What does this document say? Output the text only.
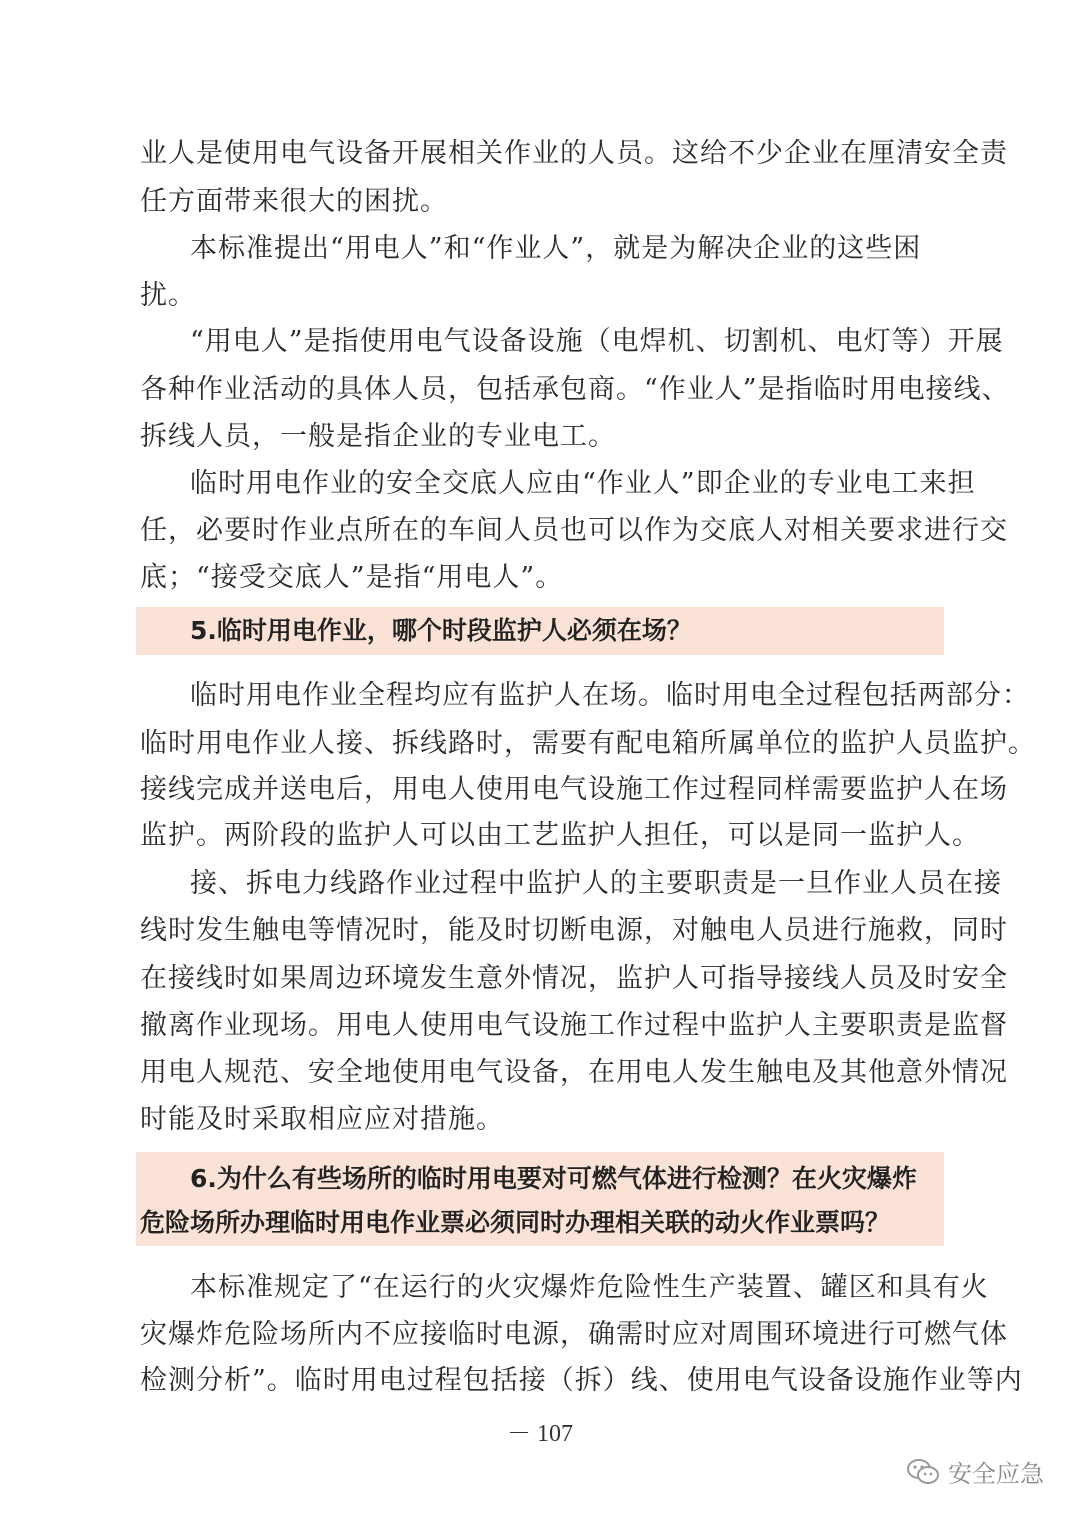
业人是使用电气设备开展相关作业的人员。这给不少企业在厘清安全责
任方面带来很大的困扰。
本标准提出“用电人”和“作业人”，就是为解决企业的这些困
扰。
“用电人”是指使用电气设备设施（电焊机、切割机、电灯等）开展
各种作业活动的具体人员，包括承包商。“作业人”是指临时用电接线、
拆线人员，一般是指企业的专业电工。
临时用电作业的安全交底人应由“作业人”即企业的专业电工来担
任，必要时作业点所在的车间人员也可以作为交底人对相关要求进行交
底；“接受交底人”是指“用电人”。
5.临时用电作业，哪个时段监护人必须在场？
临时用电作业全程均应有监护人在场。临时用电全过程包括两部分：
临时用电作业人接、拆线路时，需要有配电箱所属单位的监护人员监护。
接线完成并送电后，用电人使用电气设施工作过程同样需要监护人在场
监护。两阶段的监护人可以由工艺监护人担任，可以是同一监护人。
接、拆电力线路作业过程中监护人的主要职责是一旦作业人员在接
线时发生触电等情况时，能及时切断电源，对触电人员进行施救，同时
在接线时如果周边环境发生意外情况，监护人可指导接线人员及时安全
撤离作业现场。用电人使用电气设施工作过程中监护人主要职责是监督
用电人规范、安全地使用电气设备，在用电人发生触电及其他意外情况
时能及时采取相应应对措施。
6.为什么有些场所的临时用电要对可燃气体进行检测？在火灾爆炸
危险场所办理临时用电作业票必须同时办理相关联的动火作业票吗？
本标准规定了“在运行的火灾爆炸危险性生产装置、罐区和具有火
灾爆炸危险场所内不应接临时电源，确需时应对周围环境进行可燃气体
检测分析”。临时用电过程包括接（拆）线、使用电气设备设施作业等内
－ 107
安全应急
